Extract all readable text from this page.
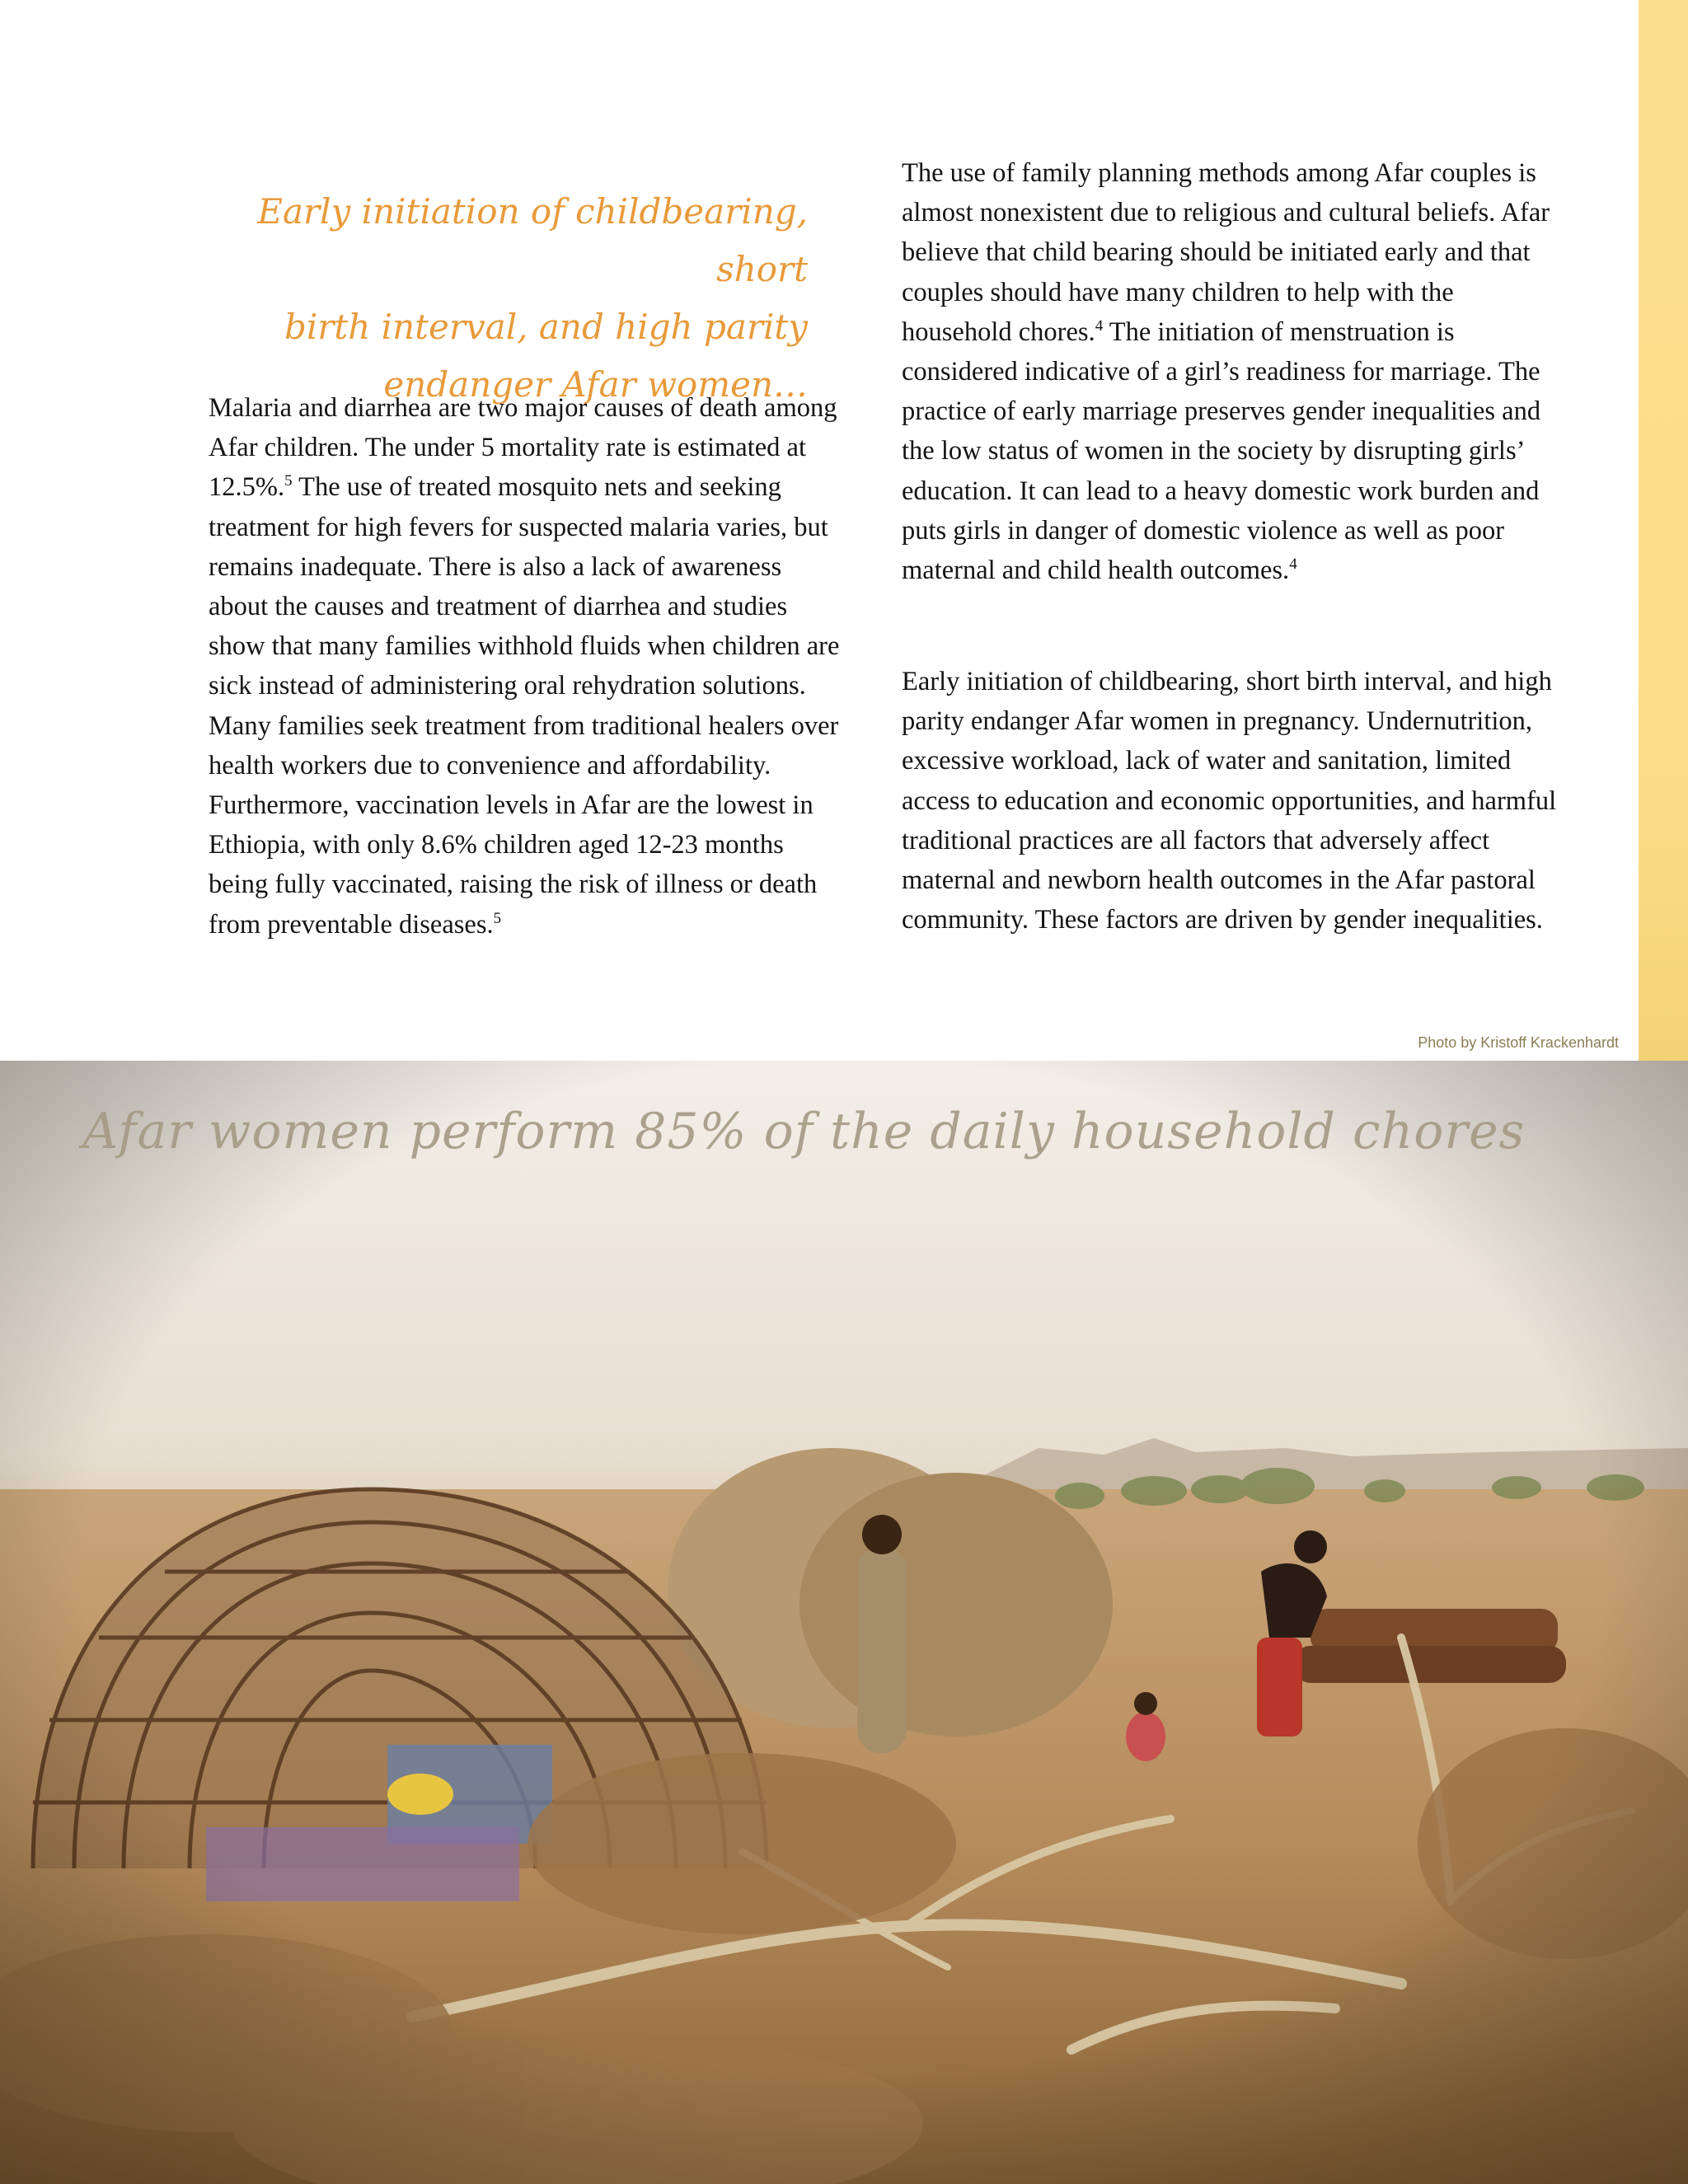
Early initiation of childbearing, short
birth interval, and high parity
endanger Afar women…

Malaria and diarrhea are two major causes of death among Afar children. The under 5 mortality rate is estimated at 12.5%.$^5$ The use of treated mosquito nets and seeking treatment for high fevers for suspected malaria varies, but remains inadequate. There is also a lack of awareness about the causes and treatment of diarrhea and studies show that many families withhold fluids when children are sick instead of administering oral rehydration solutions. Many families seek treatment from traditional healers over health workers due to convenience and affordability. Furthermore, vaccination levels in Afar are the lowest in Ethiopia, with only 8.6% children aged 12-23 months being fully vaccinated, raising the risk of illness or death from preventable diseases.$^5$

The use of family planning methods among Afar couples is almost nonexistent due to religious and cultural beliefs. Afar believe that child bearing should be initiated early and that couples should have many children to help with the household chores.$^4$ The initiation of menstruation is considered indicative of a girl’s readiness for marriage. The practice of early marriage preserves gender inequalities and the low status of women in the society by disrupting girls’ education. It can lead to a heavy domestic work burden and puts girls in danger of domestic violence as well as poor maternal and child health outcomes.$^4$

Early initiation of childbearing, short birth interval, and high parity endanger Afar women in pregnancy. Undernutrition, excessive workload, lack of water and sanitation, limited access to education and economic opportunities, and harmful traditional practices are all factors that adversely affect maternal and newborn health outcomes in the Afar pastoral community. These factors are driven by gender inequalities.

Photo by Kristoff Krackenhardt
Afar women perform 85% of the daily household chores
